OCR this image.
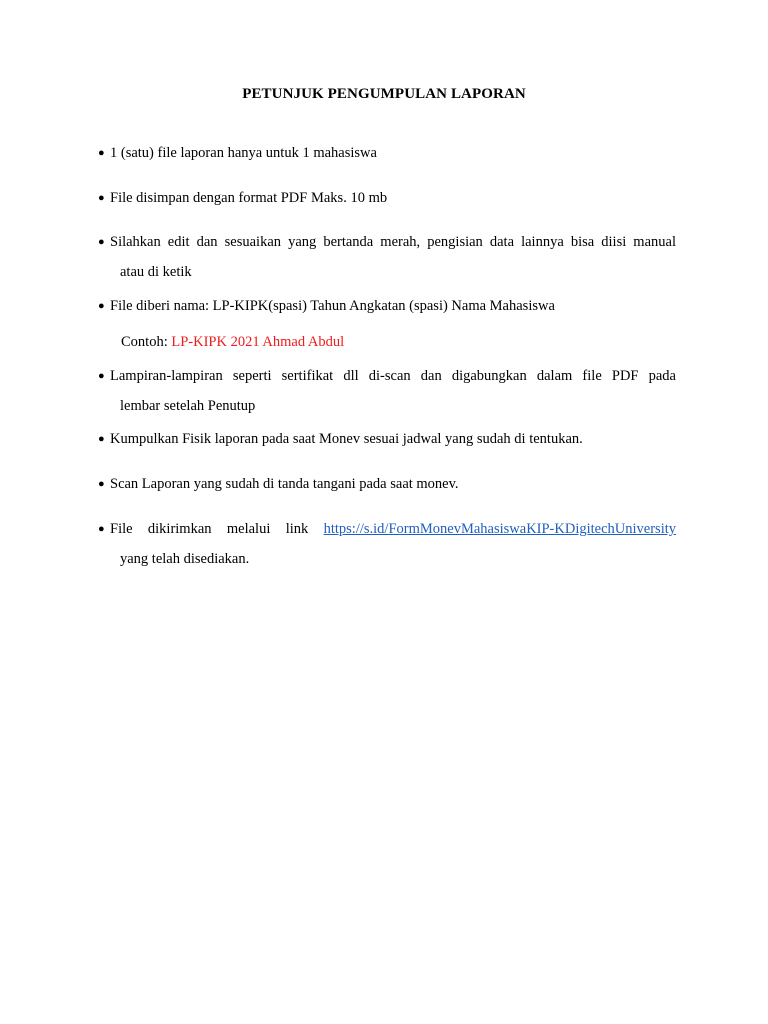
PETUNJUK PENGUMPULAN LAPORAN
● 1 (satu) file laporan hanya untuk 1 mahasiswa
● File disimpan dengan format PDF Maks. 10 mb
● Silahkan edit dan sesuaikan yang bertanda merah, pengisian data lainnya bisa diisi manual
atau di ketik
● File diberi nama: LP-KIPK(spasi) Tahun Angkatan (spasi) Nama Mahasiswa
Contoh: LP-KIPK 2021 Ahmad Abdul
● Lampiran-lampiran seperti sertifikat dll di-scan dan digabungkan dalam file PDF pada
lembar setelah Penutup
● Kumpulkan Fisik laporan pada saat Monev sesuai jadwal yang sudah di tentukan.
● Scan Laporan yang sudah di tanda tangani pada saat monev.
● File dikirimkan melalui link https://s.id/FormMonevMahasiswaKIP-KDigitechUniversity
yang telah disediakan.
